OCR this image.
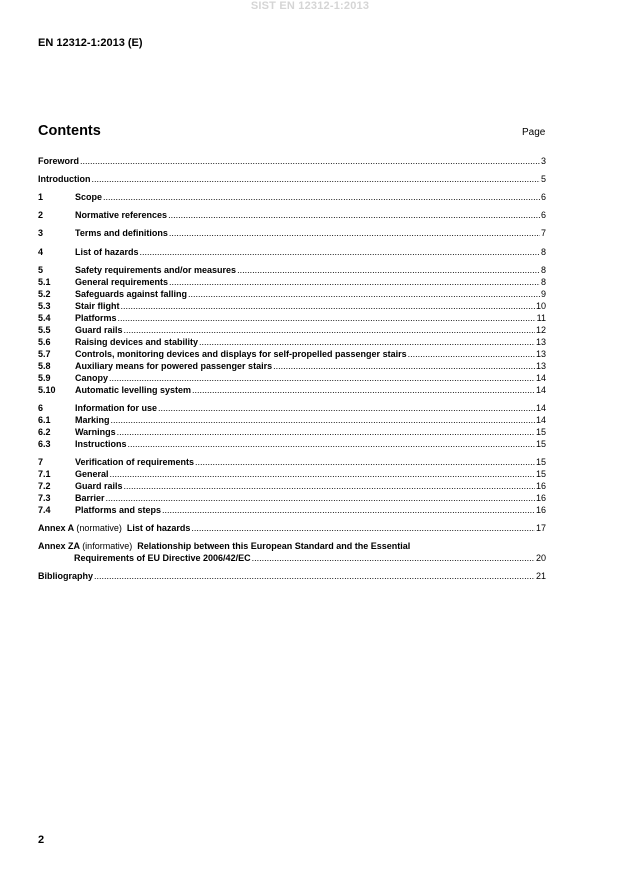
SIST EN 12312-1:2013
EN 12312-1:2013 (E)
Contents	Page
Foreword .....	3
Introduction .....	5
1	Scope .....	6
2	Normative references .....	6
3	Terms and definitions .....	7
4	List of hazards .....	8
5	Safety requirements and/or measures .....	8
5.1	General requirements .....	8
5.2	Safeguards against falling .....	9
5.3	Stair flight .....	10
5.4	Platforms .....	11
5.5	Guard rails .....	12
5.6	Raising devices and stability .....	13
5.7	Controls, monitoring devices and displays for self-propelled passenger stairs .....	13
5.8	Auxiliary means for powered passenger stairs .....	13
5.9	Canopy .....	14
5.10	Automatic levelling system .....	14
6	Information for use .....	14
6.1	Marking .....	14
6.2	Warnings .....	15
6.3	Instructions .....	15
7	Verification of requirements .....	15
7.1	General .....	15
7.2	Guard rails .....	16
7.3	Barrier .....	16
7.4	Platforms and steps .....	16
Annex A (normative) List of hazards .....	17
Annex ZA (informative) Relationship between this European Standard and the Essential
Requirements of EU Directive 2006/42/EC .....	20
Bibliography .....	21
2
